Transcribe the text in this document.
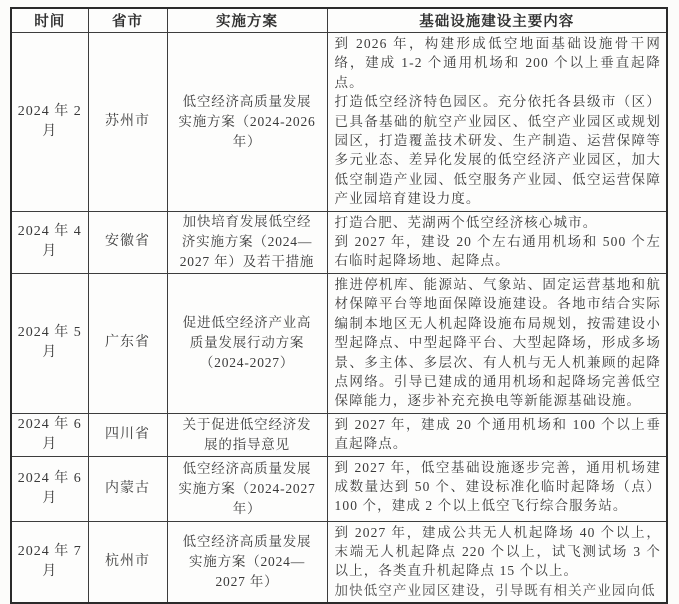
时间	省市	实施方案	基础设施建设主要内容
2024 年 2 月	苏州市	低空经济高质量发展实施方案（2024-2026 年）	到 2026 年，构建形成低空地面基础设施骨干网络，建成 1-2 个通用机场和 200 个以上垂直起降点。

打造低空经济特色园区。充分依托各县级市（区）已具备基础的航空产业园区、低空产业园区或规划园区，打造覆盖技术研发、生产制造、运营保障等多元业态、差异化发展的低空经济产业园区，加大低空制造产业园、低空服务产业园、低空运营保障产业园培育建设力度。

2024 年 4 月	安徽省	加快培育发展低空经济实施方案（2024—2027 年）及若干措施	打造合肥、芜湖两个低空经济核心城市。

到 2027 年，建设 20 个左右通用机场和 500 个左右临时起降场地、起降点。

2024 年 5 月	广东省	促进低空经济产业高质量发展行动方案（2024-2027）	推进停机库、能源站、气象站、固定运营基地和航材保障平台等地面保障设施建设。各地市结合实际编制本地区无人机起降设施布局规划，按需建设小型起降点、中型起降平台、大型起降场，形成多场景、多主体、多层次、有人机与无人机兼顾的起降点网络。引导已建成的通用机场和起降场完善低空保障能力，逐步补充充换电等新能源基础设施。

2024 年 6 月	四川省	关于促进低空经济发展的指导意见	到 2027 年，建成 20 个通用机场和 100 个以上垂直起降点。

2024 年 6 月	内蒙古	低空经济高质量发展实施方案（2024-2027 年）	到 2027 年，低空基础设施逐步完善，通用机场建成数量达到 50 个、建设标准化临时起降场（点）100 个，建成 2 个以上低空飞行综合服务站。

2024 年 7 月	杭州市	低空经济高质量发展实施方案（2024—2027 年）	到 2027 年，建成公共无人机起降场 40 个以上，末端无人机起降点 220 个以上，试飞测试场 3 个以上，各类直升机起降点 15 个以上。

加快低空产业园区建设，引导既有相关产业园向低
